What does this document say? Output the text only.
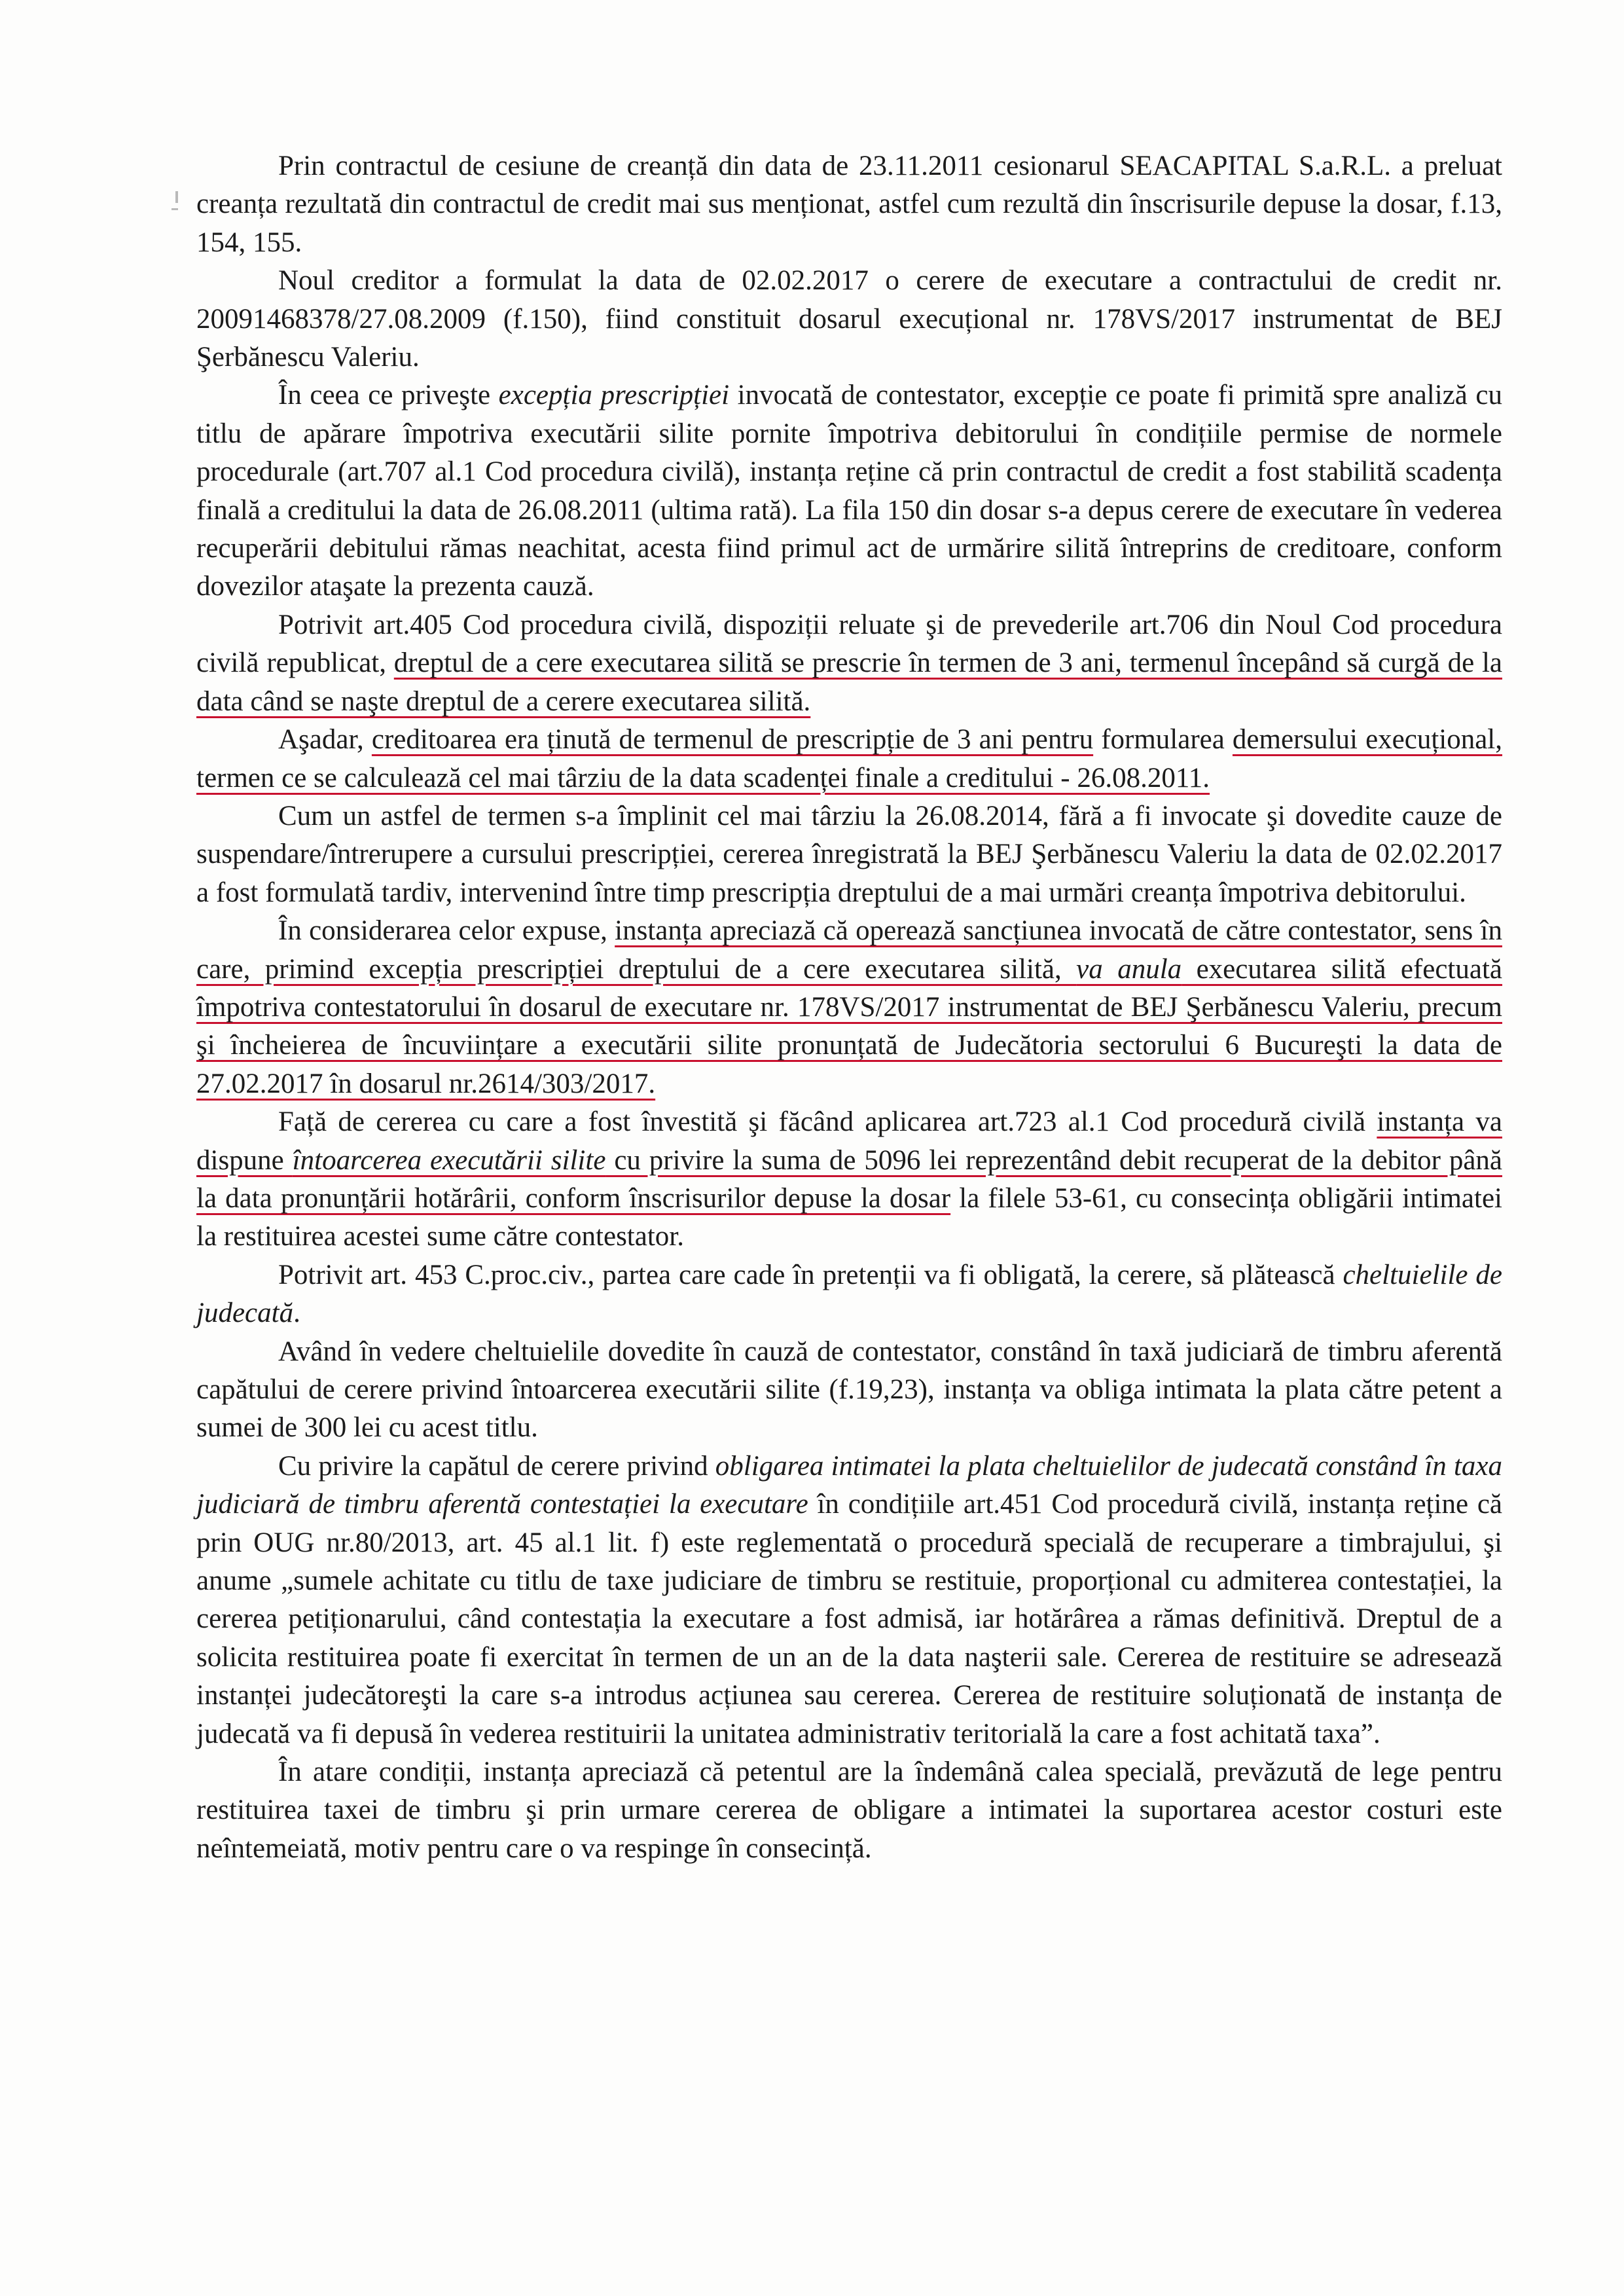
Prin contractul de cesiune de creanță din data de 23.11.2011 cesionarul SEACAPITAL S.a.R.L. a preluat creanța rezultată din contractul de credit mai sus menționat, astfel cum rezultă din înscrisurile depuse la dosar, f.13, 154, 155.

Noul creditor a formulat la data de 02.02.2017 o cerere de executare a contractului de credit nr. 20091468378/27.08.2009 (f.150), fiind constituit dosarul execuțional nr. 178VS/2017 instrumentat de BEJ Şerbănescu Valeriu.

În ceea ce priveşte excepția prescripției invocată de contestator, excepție ce poate fi primită spre analiză cu titlu de apărare împotriva executării silite pornite împotriva debitorului în condițiile permise de normele procedurale (art.707 al.1 Cod procedura civilă), instanța reține că prin contractul de credit a fost stabilită scadența finală a creditului la data de 26.08.2011 (ultima rată). La fila 150 din dosar s-a depus cerere de executare în vederea recuperării debitului rămas neachitat, acesta fiind primul act de urmărire silită întreprins de creditoare, conform dovezilor ataşate la prezenta cauză.

Potrivit art.405 Cod procedura civilă, dispoziții reluate şi de prevederile art.706 din Noul Cod procedura civilă republicat, dreptul de a cere executarea silită se prescrie în termen de 3 ani, termenul începând să curgă de la data când se naşte dreptul de a cerere executarea silită.

Aşadar, creditoarea era ținută de termenul de prescripție de 3 ani pentru formularea demersului execuțional, termen ce se calculează cel mai târziu de la data scadenței finale a creditului - 26.08.2011.

Cum un astfel de termen s-a împlinit cel mai târziu la 26.08.2014, fără a fi invocate şi dovedite cauze de suspendare/întrerupere a cursului prescripției, cererea înregistrată la BEJ Şerbănescu Valeriu la data de 02.02.2017 a fost formulată tardiv, intervenind între timp prescripția dreptului de a mai urmări creanța împotriva debitorului.

În considerarea celor expuse, instanța apreciază că operează sancțiunea invocată de către contestator, sens în care, primind excepția prescripției dreptului de a cere executarea silită, va anula executarea silită efectuată împotriva contestatorului în dosarul de executare nr. 178VS/2017 instrumentat de BEJ Şerbănescu Valeriu, precum şi încheierea de încuviințare a executării silite pronunțată de Judecătoria sectorului 6 Bucureşti la data de 27.02.2017 în dosarul nr.2614/303/2017.

Față de cererea cu care a fost învestită şi făcând aplicarea art.723 al.1 Cod procedură civilă instanța va dispune întoarcerea executării silite cu privire la suma de 5096 lei reprezentând debit recuperat de la debitor până la data pronunțării hotărârii, conform înscrisurilor depuse la dosar la filele 53-61, cu consecința obligării intimatei la restituirea acestei sume către contestator.

Potrivit art. 453 C.proc.civ., partea care cade în pretenții va fi obligată, la cerere, să plătească cheltuielile de judecată.

Având în vedere cheltuielile dovedite în cauză de contestator, constând în taxă judiciară de timbru aferentă capătului de cerere privind întoarcerea executării silite (f.19,23), instanța va obliga intimata la plata către petent a sumei de 300 lei cu acest titlu.

Cu privire la capătul de cerere privind obligarea intimatei la plata cheltuielilor de judecată constând în taxa judiciară de timbru aferentă contestației la executare în condițiile art.451 Cod procedură civilă, instanța reține că prin OUG nr.80/2013, art. 45 al.1 lit. f) este reglementată o procedură specială de recuperare a timbrajului, şi anume „sumele achitate cu titlu de taxe judiciare de timbru se restituie, proporțional cu admiterea contestației, la cererea petiționarului, când contestația la executare a fost admisă, iar hotărârea a rămas definitivă. Dreptul de a solicita restituirea poate fi exercitat în termen de un an de la data naşterii sale. Cererea de restituire se adresează instanței judecătoreşti la care s-a introdus acțiunea sau cererea. Cererea de restituire soluționată de instanța de judecată va fi depusă în vederea restituirii la unitatea administrativ teritorială la care a fost achitată taxa”.

În atare condiții, instanța apreciază că petentul are la îndemână calea specială, prevăzută de lege pentru restituirea taxei de timbru şi prin urmare cererea de obligare a intimatei la suportarea acestor costuri este neîntemeiată, motiv pentru care o va respinge în consecință.
